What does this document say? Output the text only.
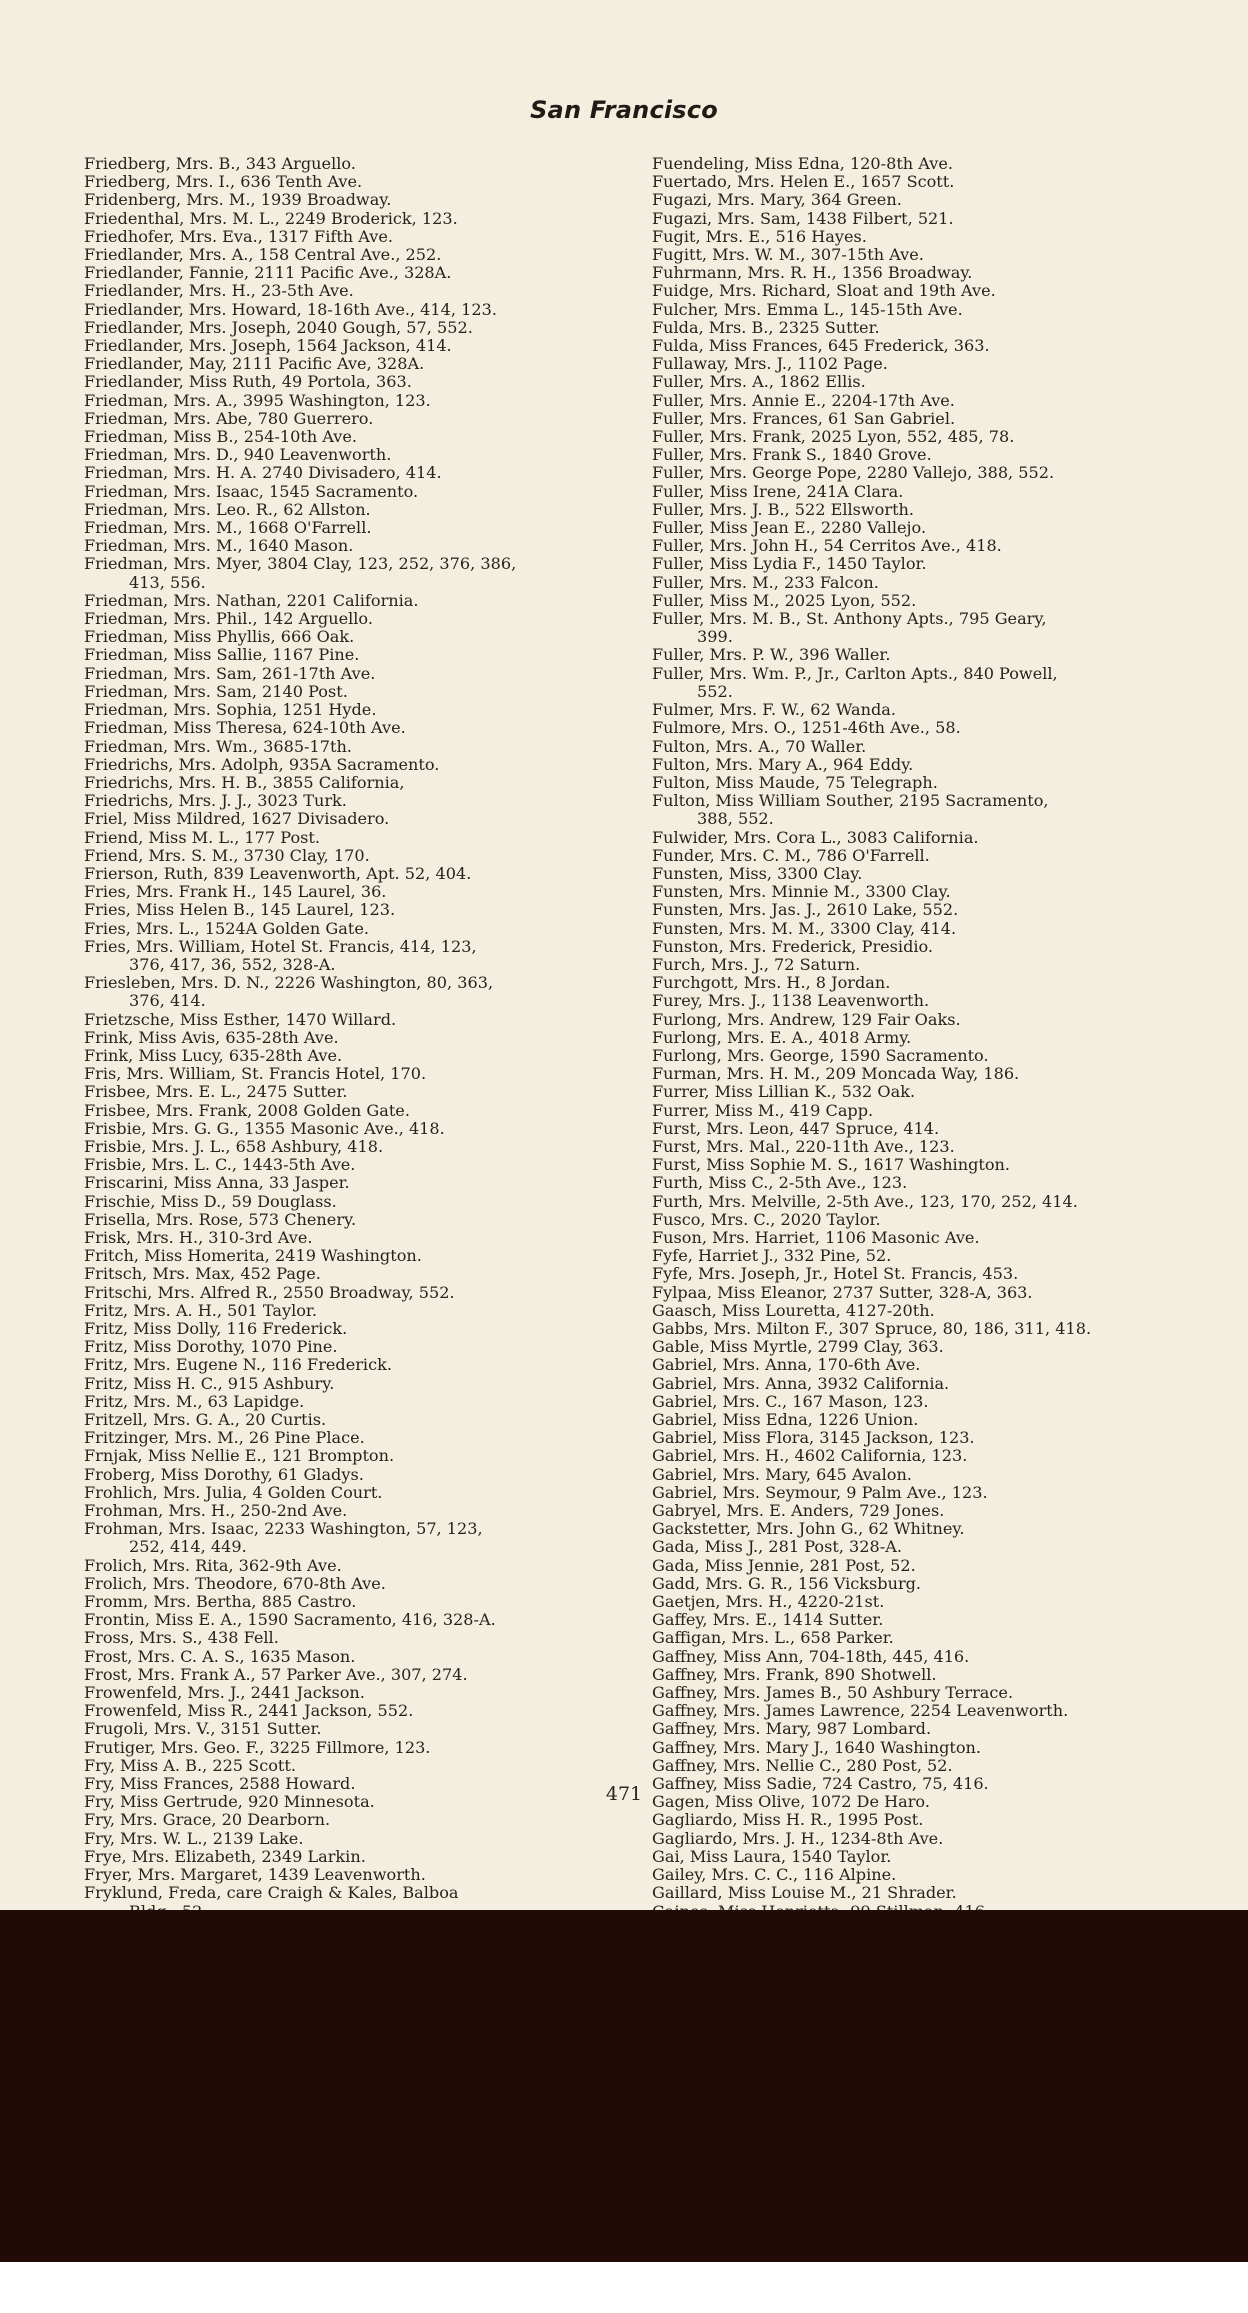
San Francisco

Friedberg, Mrs. B., 343 Arguello.

Friedberg, Mrs. I., 636 Tenth Ave.

Fridenberg, Mrs. M., 1939 Broadway.

Friedenthal, Mrs. M. L., 2249 Broderick, 123.

Friedhofer, Mrs. Eva., 1317 Fifth Ave.

Friedlander, Mrs. A., 158 Central Ave., 252.

Friedlander, Fannie, 2111 Pacific Ave., 328A.

Friedlander, Mrs. H., 23-5th Ave.

Friedlander, Mrs. Howard, 18-16th Ave., 414, 123.

Friedlander, Mrs. Joseph, 2040 Gough, 57, 552.

Friedlander, Mrs. Joseph, 1564 Jackson, 414.

Friedlander, May, 2111 Pacific Ave, 328A.

Friedlander, Miss Ruth, 49 Portola, 363.

Friedman, Mrs. A., 3995 Washington, 123.

Friedman, Mrs. Abe, 780 Guerrero.

Friedman, Miss B., 254-10th Ave.

Friedman, Mrs. D., 940 Leavenworth.

Friedman, Mrs. H. A. 2740 Divisadero, 414.

Friedman, Mrs. Isaac, 1545 Sacramento.

Friedman, Mrs. Leo. R., 62 Allston.

Friedman, Mrs. M., 1668 O'Farrell.

Friedman, Mrs. M., 1640 Mason.

Friedman, Mrs. Myer, 3804 Clay, 123, 252, 376, 386,
413, 556.

Friedman, Mrs. Nathan, 2201 California.

Friedman, Mrs. Phil., 142 Arguello.

Friedman, Miss Phyllis, 666 Oak.

Friedman, Miss Sallie, 1167 Pine.

Friedman, Mrs. Sam, 261-17th Ave.

Friedman, Mrs. Sam, 2140 Post.

Friedman, Mrs. Sophia, 1251 Hyde.

Friedman, Miss Theresa, 624-10th Ave.

Friedman, Mrs. Wm., 3685-17th.

Friedrichs, Mrs. Adolph, 935A Sacramento.

Friedrichs, Mrs. H. B., 3855 California,

Friedrichs, Mrs. J. J., 3023 Turk.

Friel, Miss Mildred, 1627 Divisadero.

Friend, Miss M. L., 177 Post.

Friend, Mrs. S. M., 3730 Clay, 170.

Frierson, Ruth, 839 Leavenworth, Apt. 52, 404.

Fries, Mrs. Frank H., 145 Laurel, 36.

Fries, Miss Helen B., 145 Laurel, 123.

Fries, Mrs. L., 1524A Golden Gate.

Fries, Mrs. William, Hotel St. Francis, 414, 123,
376, 417, 36, 552, 328-A.

Friesleben, Mrs. D. N., 2226 Washington, 80, 363,
376, 414.

Frietzsche, Miss Esther, 1470 Willard.

Frink, Miss Avis, 635-28th Ave.

Frink, Miss Lucy, 635-28th Ave.

Fris, Mrs. William, St. Francis Hotel, 170.

Frisbee, Mrs. E. L., 2475 Sutter.

Frisbee, Mrs. Frank, 2008 Golden Gate.

Frisbie, Mrs. G. G., 1355 Masonic Ave., 418.

Frisbie, Mrs. J. L., 658 Ashbury, 418.

Frisbie, Mrs. L. C., 1443-5th Ave.

Friscarini, Miss Anna, 33 Jasper.

Frischie, Miss D., 59 Douglass.

Frisella, Mrs. Rose, 573 Chenery.

Frisk, Mrs. H., 310-3rd Ave.

Fritch, Miss Homerita, 2419 Washington.

Fritsch, Mrs. Max, 452 Page.

Fritschi, Mrs. Alfred R., 2550 Broadway, 552.

Fritz, Mrs. A. H., 501 Taylor.

Fritz, Miss Dolly, 116 Frederick.

Fritz, Miss Dorothy, 1070 Pine.

Fritz, Mrs. Eugene N., 116 Frederick.

Fritz, Miss H. C., 915 Ashbury.

Fritz, Mrs. M., 63 Lapidge.

Fritzell, Mrs. G. A., 20 Curtis.

Fritzinger, Mrs. M., 26 Pine Place.

Frnjak, Miss Nellie E., 121 Brompton.

Froberg, Miss Dorothy, 61 Gladys.

Frohlich, Mrs. Julia, 4 Golden Court.

Frohman, Mrs. H., 250-2nd Ave.

Frohman, Mrs. Isaac, 2233 Washington, 57, 123,
252, 414, 449.

Frolich, Mrs. Rita, 362-9th Ave.

Frolich, Mrs. Theodore, 670-8th Ave.

Fromm, Mrs. Bertha, 885 Castro.

Frontin, Miss E. A., 1590 Sacramento, 416, 328-A.

Fross, Mrs. S., 438 Fell.

Frost, Mrs. C. A. S., 1635 Mason.

Frost, Mrs. Frank A., 57 Parker Ave., 307, 274.

Frowenfeld, Mrs. J., 2441 Jackson.

Frowenfeld, Miss R., 2441 Jackson, 552.

Frugoli, Mrs. V., 3151 Sutter.

Frutiger, Mrs. Geo. F., 3225 Fillmore, 123.

Fry, Miss A. B., 225 Scott.

Fry, Miss Frances, 2588 Howard.

Fry, Miss Gertrude, 920 Minnesota.

Fry, Mrs. Grace, 20 Dearborn.

Fry, Mrs. W. L., 2139 Lake.

Frye, Mrs. Elizabeth, 2349 Larkin.

Fryer, Mrs. Margaret, 1439 Leavenworth.

Fryklund, Freda, care Craigh & Kales, Balboa

Fuendeling, Miss Edna, 120-8th Ave.

Fuertado, Mrs. Helen E., 1657 Scott.

Fugazi, Mrs. Mary, 364 Green.

Fugazi, Mrs. Sam, 1438 Filbert, 521.

Fugit, Mrs. E., 516 Hayes.

Fugitt, Mrs. W. M., 307-15th Ave.

Fuhrmann, Mrs. R. H., 1356 Broadway.

Fuidge, Mrs. Richard, Sloat and 19th Ave.

Fulcher, Mrs. Emma L., 145-15th Ave.

Fulda, Mrs. B., 2325 Sutter.

Fulda, Miss Frances, 645 Frederick, 363.

Fullaway, Mrs. J., 1102 Page.

Fuller, Mrs. A., 1862 Ellis.

Fuller, Mrs. Annie E., 2204-17th Ave.

Fuller, Mrs. Frances, 61 San Gabriel.

Fuller, Mrs. Frank, 2025 Lyon, 552, 485, 78.

Fuller, Mrs. Frank S., 1840 Grove.

Fuller, Mrs. George Pope, 2280 Vallejo, 388, 552.

Fuller, Miss Irene, 241A Clara.

Fuller, Mrs. J. B., 522 Ellsworth.

Fuller, Miss Jean E., 2280 Vallejo.

Fuller, Mrs. John H., 54 Cerritos Ave., 418.

Fuller, Miss Lydia F., 1450 Taylor.

Fuller, Mrs. M., 233 Falcon.

Fuller, Miss M., 2025 Lyon, 552.

Fuller, Mrs. M. B., St. Anthony Apts., 795 Geary,
399.

Fuller, Mrs. P. W., 396 Waller.

Fuller, Mrs. Wm. P., Jr., Carlton Apts., 840 Powell,
552.

Fulmer, Mrs. F. W., 62 Wanda.

Fulmore, Mrs. O., 1251-46th Ave., 58.

Fulton, Mrs. A., 70 Waller.

Fulton, Mrs. Mary A., 964 Eddy.

Fulton, Miss Maude, 75 Telegraph.

Fulton, Miss William Souther, 2195 Sacramento,
388, 552.

Fulwider, Mrs. Cora L., 3083 California.

Funder, Mrs. C. M., 786 O'Farrell.

Funsten, Miss, 3300 Clay.

Funsten, Mrs. Minnie M., 3300 Clay.

Funsten, Mrs. Jas. J., 2610 Lake, 552.

Funsten, Mrs. M. M., 3300 Clay, 414.

Funston, Mrs. Frederick, Presidio.

Furch, Mrs. J., 72 Saturn.

Furchgott, Mrs. H., 8 Jordan.

Furey, Mrs. J., 1138 Leavenworth.

Furlong, Mrs. Andrew, 129 Fair Oaks.

Furlong, Mrs. E. A., 4018 Army.

Furlong, Mrs. George, 1590 Sacramento.

Furman, Mrs. H. M., 209 Moncada Way, 186.

Furrer, Miss Lillian K., 532 Oak.

Furrer, Miss M., 419 Capp.

Furst, Mrs. Leon, 447 Spruce, 414.

Furst, Mrs. Mal., 220-11th Ave., 123.

Furst, Miss Sophie M. S., 1617 Washington.

Furth, Miss C., 2-5th Ave., 123.

Furth, Mrs. Melville, 2-5th Ave., 123, 170, 252, 414.

Fusco, Mrs. C., 2020 Taylor.

Fuson, Mrs. Harriet, 1106 Masonic Ave.

Fyfe, Harriet J., 332 Pine, 52.

Fyfe, Mrs. Joseph, Jr., Hotel St. Francis, 453.

Fylpaa, Miss Eleanor, 2737 Sutter, 328-A, 363.

Gaasch, Miss Louretta, 4127-20th.

Gabbs, Mrs. Milton F., 307 Spruce, 80, 186, 311, 418.

Gable, Miss Myrtle, 2799 Clay, 363.

Gabriel, Mrs. Anna, 170-6th Ave.

Gabriel, Mrs. Anna, 3932 California.

Gabriel, Mrs. C., 167 Mason, 123.

Gabriel, Miss Edna, 1226 Union.

Gabriel, Miss Flora, 3145 Jackson, 123.

Gabriel, Mrs. H., 4602 California, 123.

Gabriel, Mrs. Mary, 645 Avalon.

Gabriel, Mrs. Seymour, 9 Palm Ave., 123.

Gabryel, Mrs. E. Anders, 729 Jones.

Gackstetter, Mrs. John G., 62 Whitney.

Gada, Miss J., 281 Post, 328-A.

Gada, Miss Jennie, 281 Post, 52.

Gadd, Mrs. G. R., 156 Vicksburg.

Gaetjen, Mrs. H., 4220-21st.

Gaffey, Mrs. E., 1414 Sutter.

Gaffigan, Mrs. L., 658 Parker.

Gaffney, Miss Ann, 704-18th, 445, 416.

Gaffney, Mrs. Frank, 890 Shotwell.

Gaffney, Mrs. James B., 50 Ashbury Terrace.

Gaffney, Mrs. James Lawrence, 2254 Leavenworth.

Gaffney, Mrs. Mary, 987 Lombard.

Gaffney, Mrs. Mary J., 1640 Washington.

Gaffney, Mrs. Nellie C., 280 Post, 52.

Gaffney, Miss Sadie, 724 Castro, 75, 416.

Gagen, Miss Olive, 1072 De Haro.

Gagliardo, Miss H. R., 1995 Post.

Gagliardo, Mrs. J. H., 1234-8th Ave.

Gai, Miss Laura, 1540 Taylor.

Gailey, Mrs. C. C., 116 Alpine.

Gaillard, Miss Louise M., 21 Shrader.

471
